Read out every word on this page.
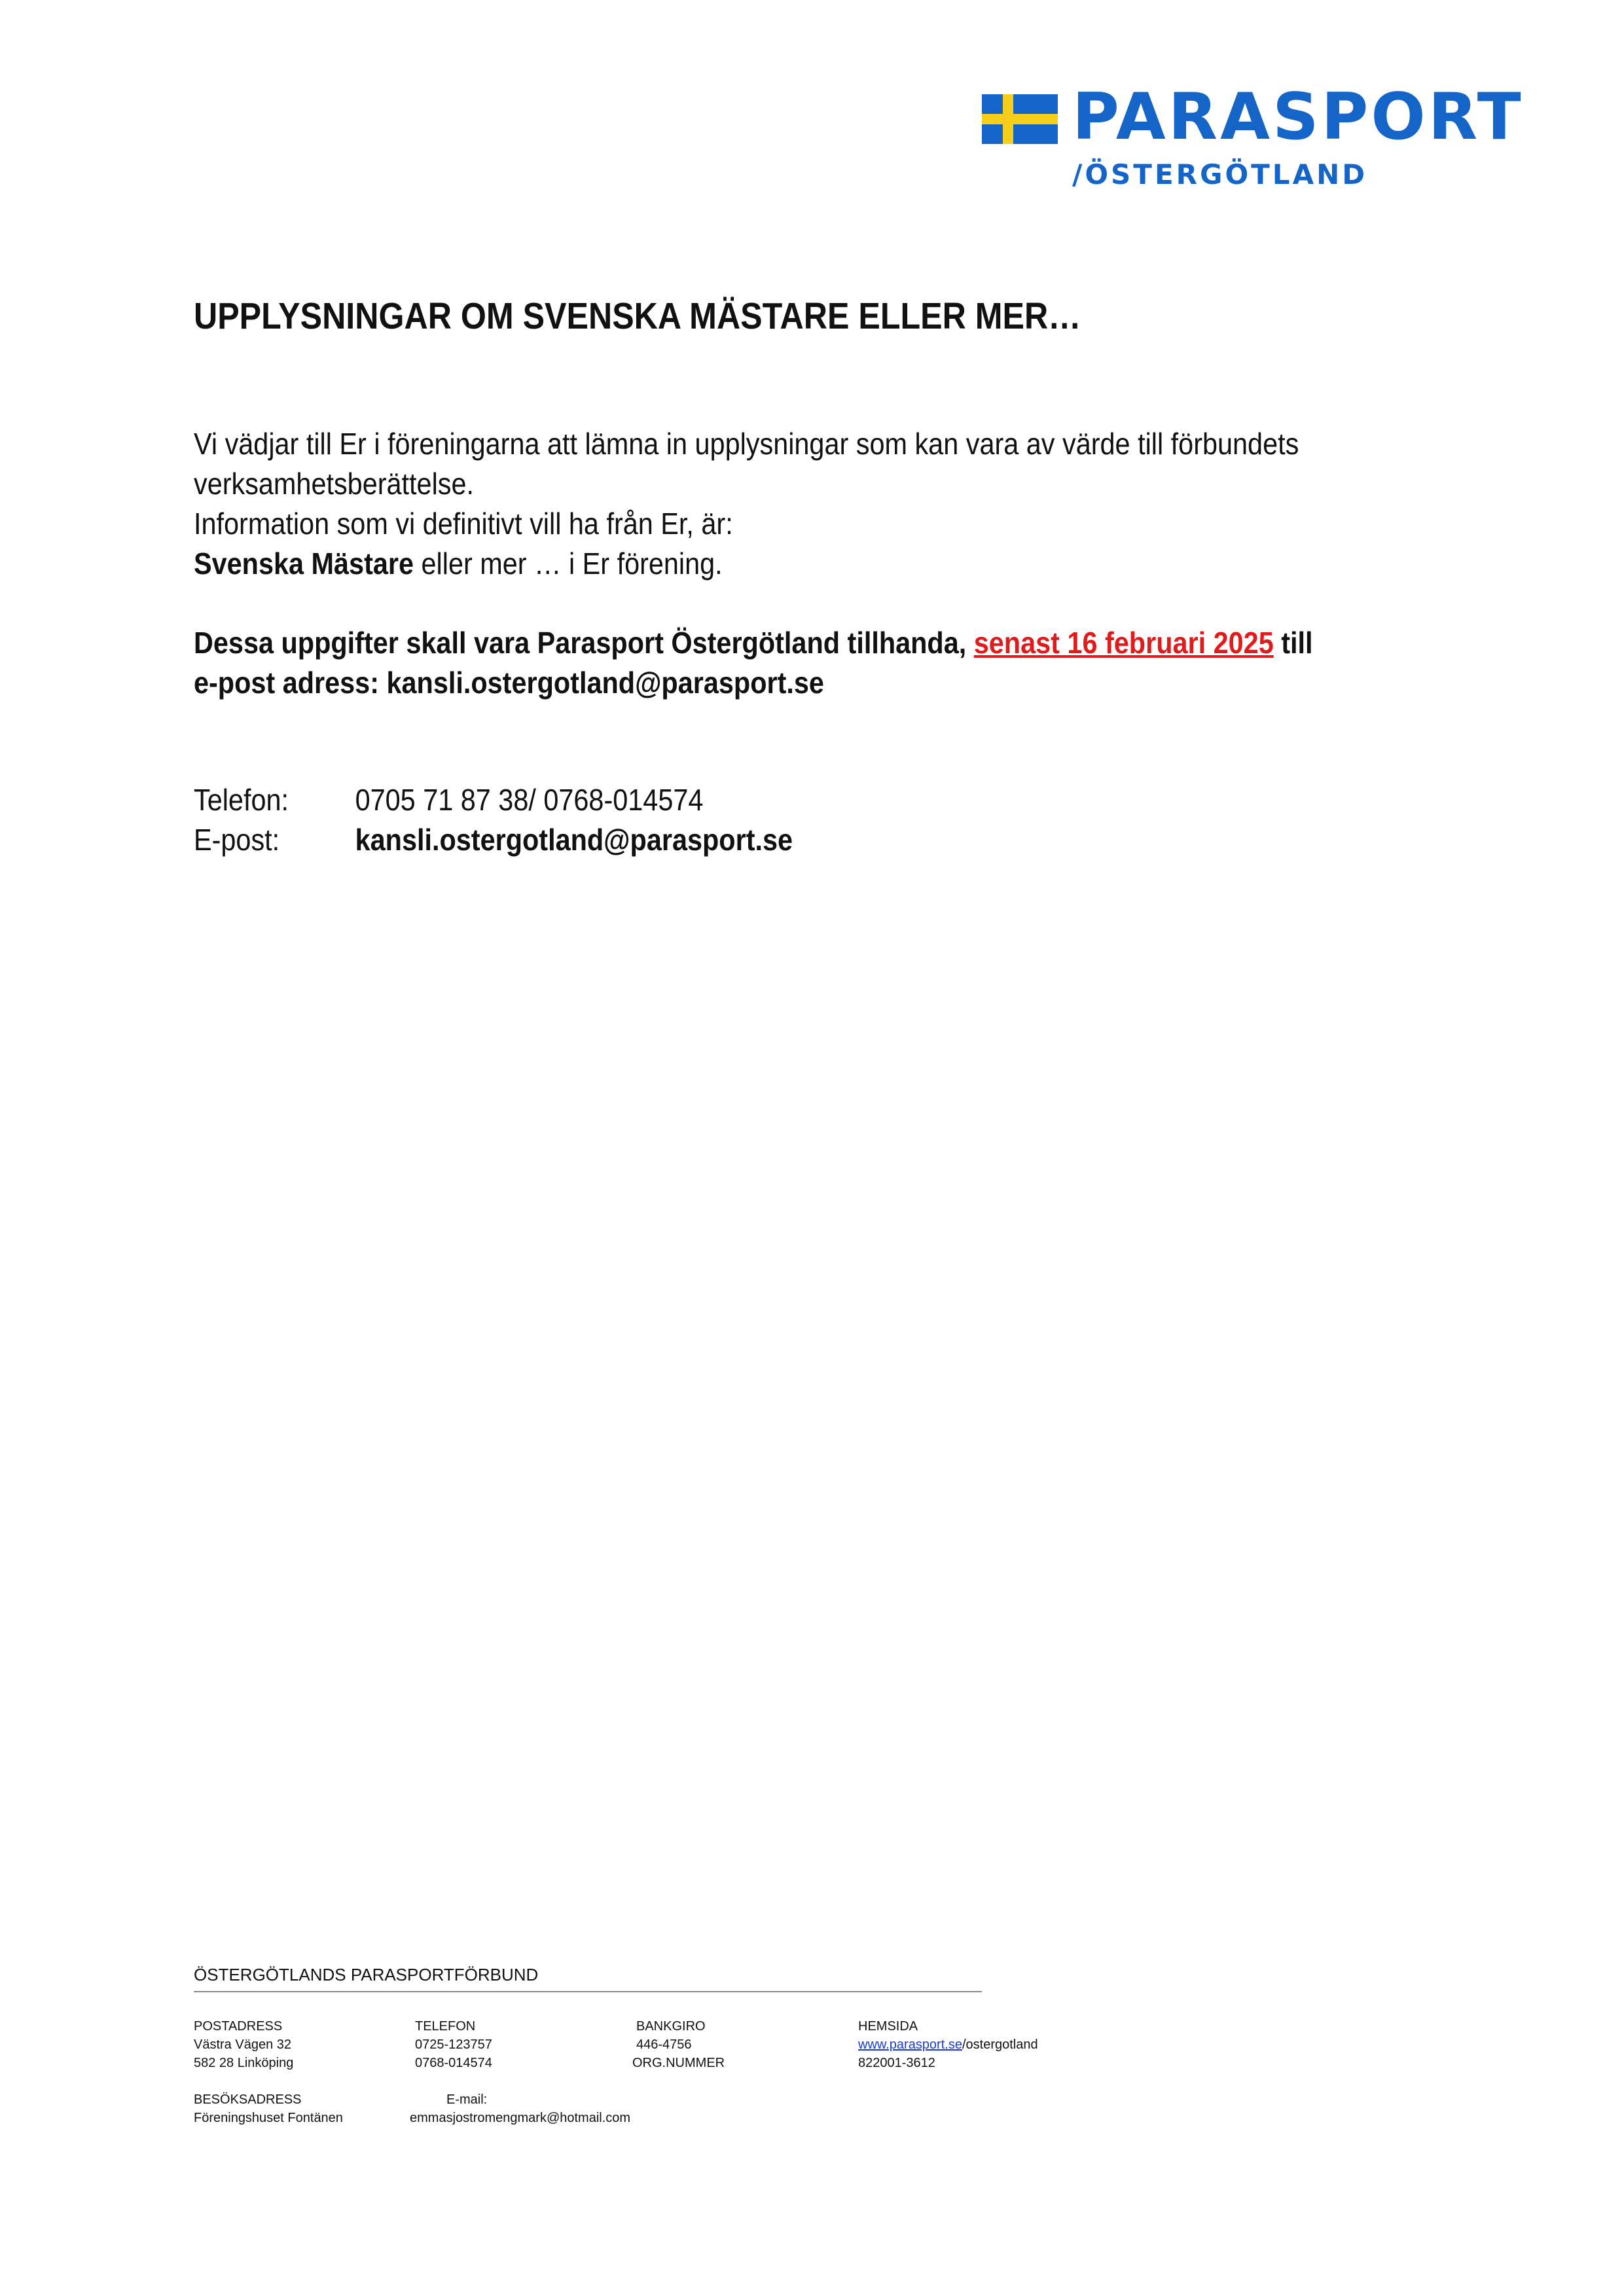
PARASPORT
/ÖSTERGÖTLAND
UPPLYSNINGAR OM SVENSKA MÄSTARE ELLER MER…
Vi vädjar till Er i föreningarna att lämna in upplysningar som kan vara av värde till förbundets
verksamhetsberättelse.
Information som vi definitivt vill ha från Er, är:
Svenska Mästare eller mer … i Er förening.
Dessa uppgifter skall vara Parasport Östergötland tillhanda, senast 16 februari 2025 till
e-post adress: kansli.ostergotland@parasport.se
Telefon:	0705 71 87 38/ 0768-014574
E-post:	kansli.ostergotland@parasport.se
ÖSTERGÖTLANDS PARASPORTFÖRBUND
POSTADRESS
Västra Vägen 32
582 28 Linköping
TELEFON
0725-123757
0768-014574
BANKGIRO
446-4756
ORG.NUMMER
HEMSIDA
www.parasport.se/ostergotland
822001-3612
BESÖKSADRESS
Föreningshuset Fontänen
E-mail:
emmasjostromengmark@hotmail.com
